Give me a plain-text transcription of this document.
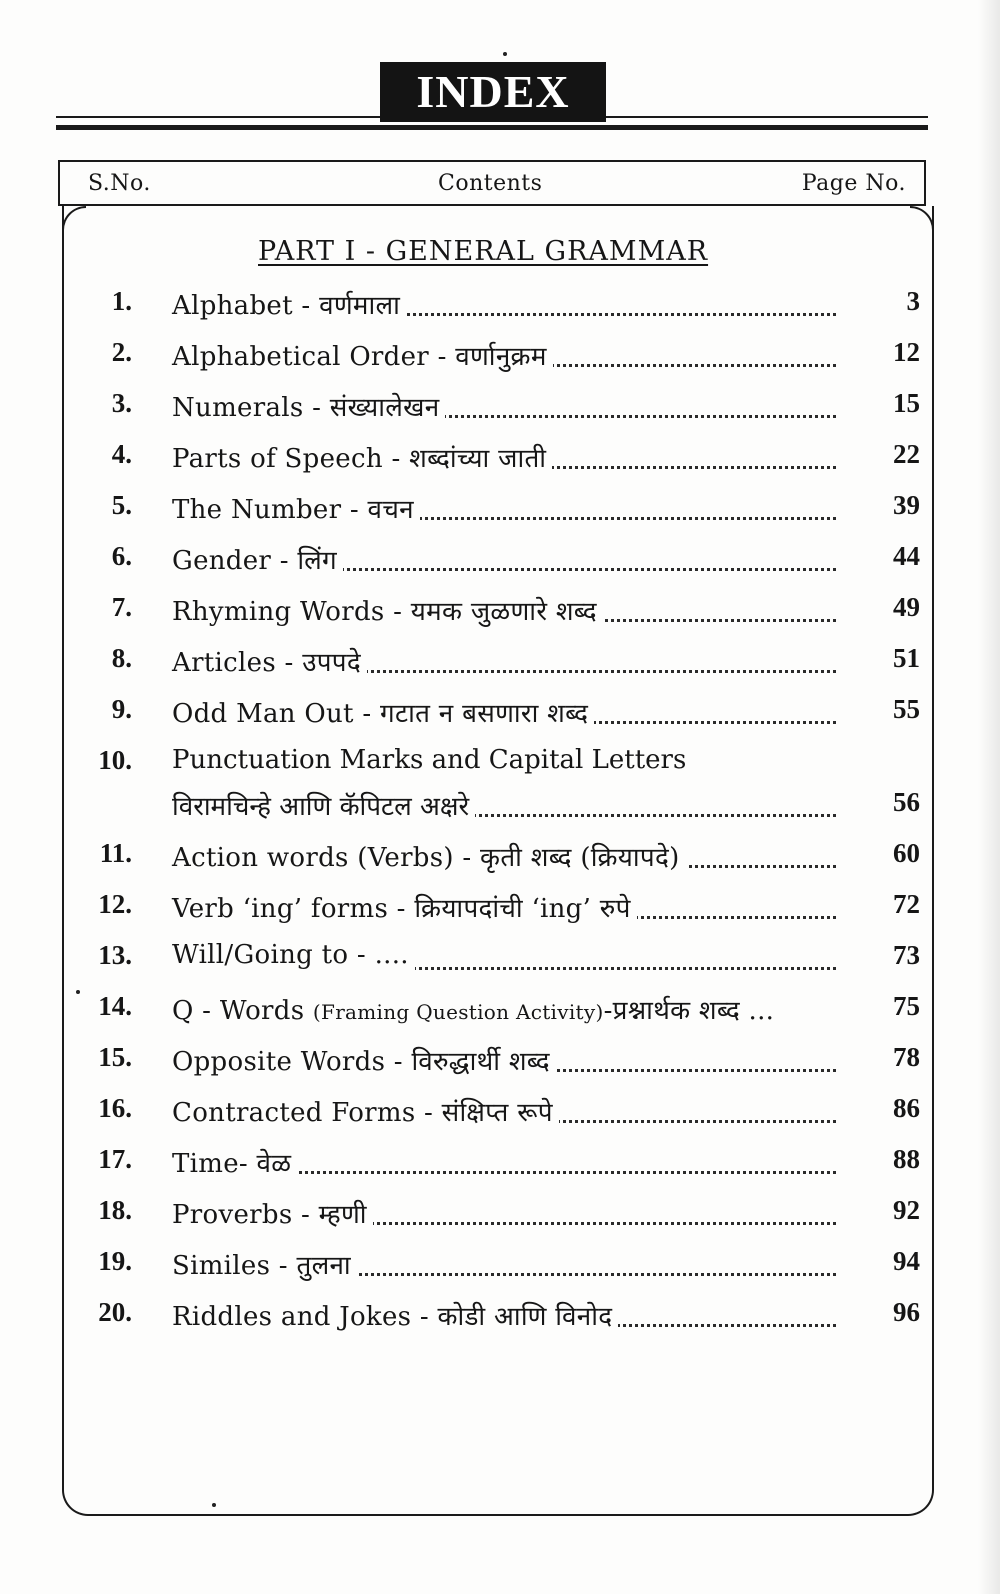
INDEX
S.No.	Contents	Page No.
PART I - GENERAL GRAMMAR
1. Alphabet - वर्णमाला	3
2. Alphabetical Order - वर्णानुक्रम	12
3. Numerals - संख्यालेखन	15
4. Parts of Speech - शब्दांच्या जाती	22
5. The Number - वचन	39
6. Gender - लिंग	44
7. Rhyming Words - यमक जुळणारे शब्द	49
8. Articles - उपपदे	51
9. Odd Man Out - गटात न बसणारा शब्द	55
10. Punctuation Marks and Capital Letters
विरामचिन्हे आणि कॅपिटल अक्षरे	56
11. Action words (Verbs) - कृती शब्द (क्रियापदे)	60
12. Verb ‘ing’ forms - क्रियापदांची ‘ing’ रुपे	72
13. Will/Going to - ....	73
14. Q - Words (Framing Question Activity)-प्रश्नार्थक शब्द ...	75
15. Opposite Words - विरुद्धार्थी शब्द	78
16. Contracted Forms - संक्षिप्त रूपे	86
17. Time- वेळ	88
18. Proverbs - म्हणी	92
19. Similes - तुलना	94
20. Riddles and Jokes - कोडी आणि विनोद	96
